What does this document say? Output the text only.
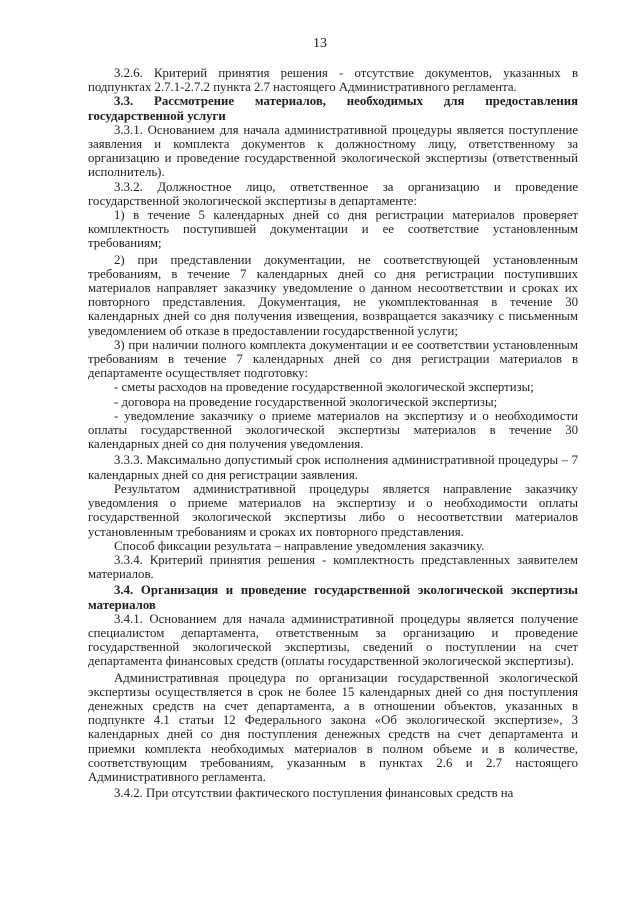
13

3.2.6. Критерий принятия решения - отсутствие документов, указанных в подпунктах 2.7.1-2.7.2 пункта 2.7 настоящего Административного регламента.

3.3. Рассмотрение материалов, необходимых для предоставления государственной услуги

3.3.1. Основанием для начала административной процедуры является поступление заявления и комплекта документов к должностному лицу, ответственному за организацию и проведение государственной экологической экспертизы (ответственный исполнитель).

3.3.2. Должностное лицо, ответственное за организацию и проведение государственной экологической экспертизы в департаменте:

1) в течение 5 календарных дней со дня регистрации материалов проверяет комплектность поступившей документации и ее соответствие установленным требованиям;

2) при представлении документации, не соответствующей установленным требованиям, в течение 7 календарных дней со дня регистрации поступивших материалов направляет заказчику уведомление о данном несоответствии и сроках их повторного представления. Документация, не укомплектованная в течение 30 календарных дней со дня получения извещения, возвращается заказчику с письменным уведомлением об отказе в предоставлении государственной услуги;

3) при наличии полного комплекта документации и ее соответствии установленным требованиям в течение 7 календарных дней со дня регистрации материалов в департаменте осуществляет подготовку:

- сметы расходов на проведение государственной экологической экспертизы;

- договора на проведение государственной экологической экспертизы;

- уведомление заказчику о приеме материалов на экспертизу и о необходимости оплаты государственной экологической экспертизы материалов в течение 30 календарных дней со дня получения уведомления.

3.3.3. Максимально допустимый срок исполнения административной процедуры – 7 календарных дней со дня регистрации заявления.

Результатом административной процедуры является направление заказчику уведомления о приеме материалов на экспертизу и о необходимости оплаты государственной экологической экспертизы либо о несоответствии материалов установленным требованиям и сроках их повторного представления.

Способ фиксации результата – направление уведомления заказчику.

3.3.4. Критерий принятия решения - комплектность представленных заявителем материалов.

3.4. Организация и проведение государственной экологической экспертизы материалов

3.4.1. Основанием для начала административной процедуры является получение специалистом департамента, ответственным за организацию и проведение государственной экологической экспертизы, сведений о поступлении на счет департамента финансовых средств (оплаты государственной экологической экспертизы).

Административная процедура по организации государственной экологической экспертизы осуществляется в срок не более 15 календарных дней со дня поступления денежных средств на счет департамента, а в отношении объектов, указанных в подпункте 4.1 статьи 12 Федерального закона «Об экологической экспертизе», 3 календарных дней со дня поступления денежных средств на счет департамента и приемки комплекта необходимых материалов в полном объеме и в количестве, соответствующим требованиям, указанным в пунктах 2.6 и 2.7 настоящего Административного регламента.

3.4.2. При отсутствии фактического поступления финансовых средств на
